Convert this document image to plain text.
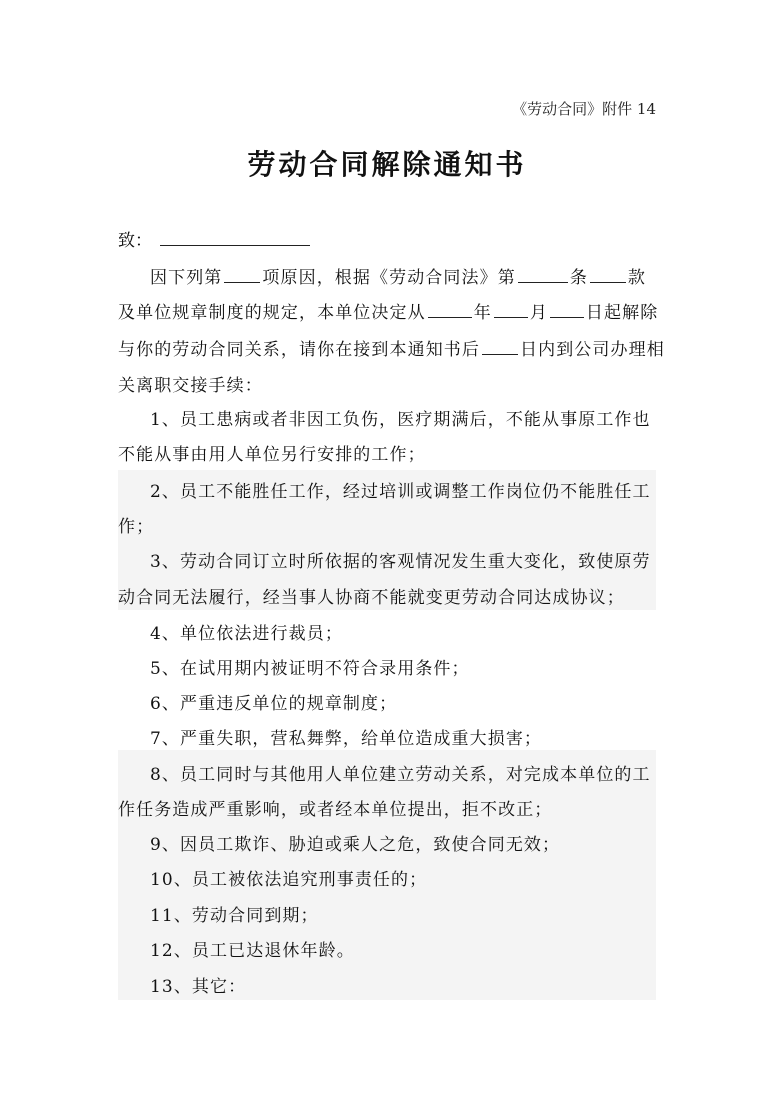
《劳动合同》附件 14
劳动合同解除通知书
致：
因下列第 项原因，根据《劳动合同法》第	条 款
及单位规章制度的规定，本单位决定从	年 月 日起解除
与你的劳动合同关系，请你在接到本通知书后 日内到公司办理相
关离职交接手续：
1、员工患病或者非因工负伤，医疗期满后，不能从事原工作也
不能从事由用人单位另行安排的工作；
2、员工不能胜任工作，经过培训或调整工作岗位仍不能胜任工
作；
3、劳动合同订立时所依据的客观情况发生重大变化，致使原劳
动合同无法履行，经当事人协商不能就变更劳动合同达成协议；
4、单位依法进行裁员；
5、在试用期内被证明不符合录用条件；
6、严重违反单位的规章制度；
7、严重失职，营私舞弊，给单位造成重大损害；
8、员工同时与其他用人单位建立劳动关系，对完成本单位的工
作任务造成严重影响，或者经本单位提出，拒不改正；
9、因员工欺诈、胁迫或乘人之危，致使合同无效；
10、员工被依法追究刑事责任的；
11、劳动合同到期；
12、员工已达退休年龄。
13、其它：
